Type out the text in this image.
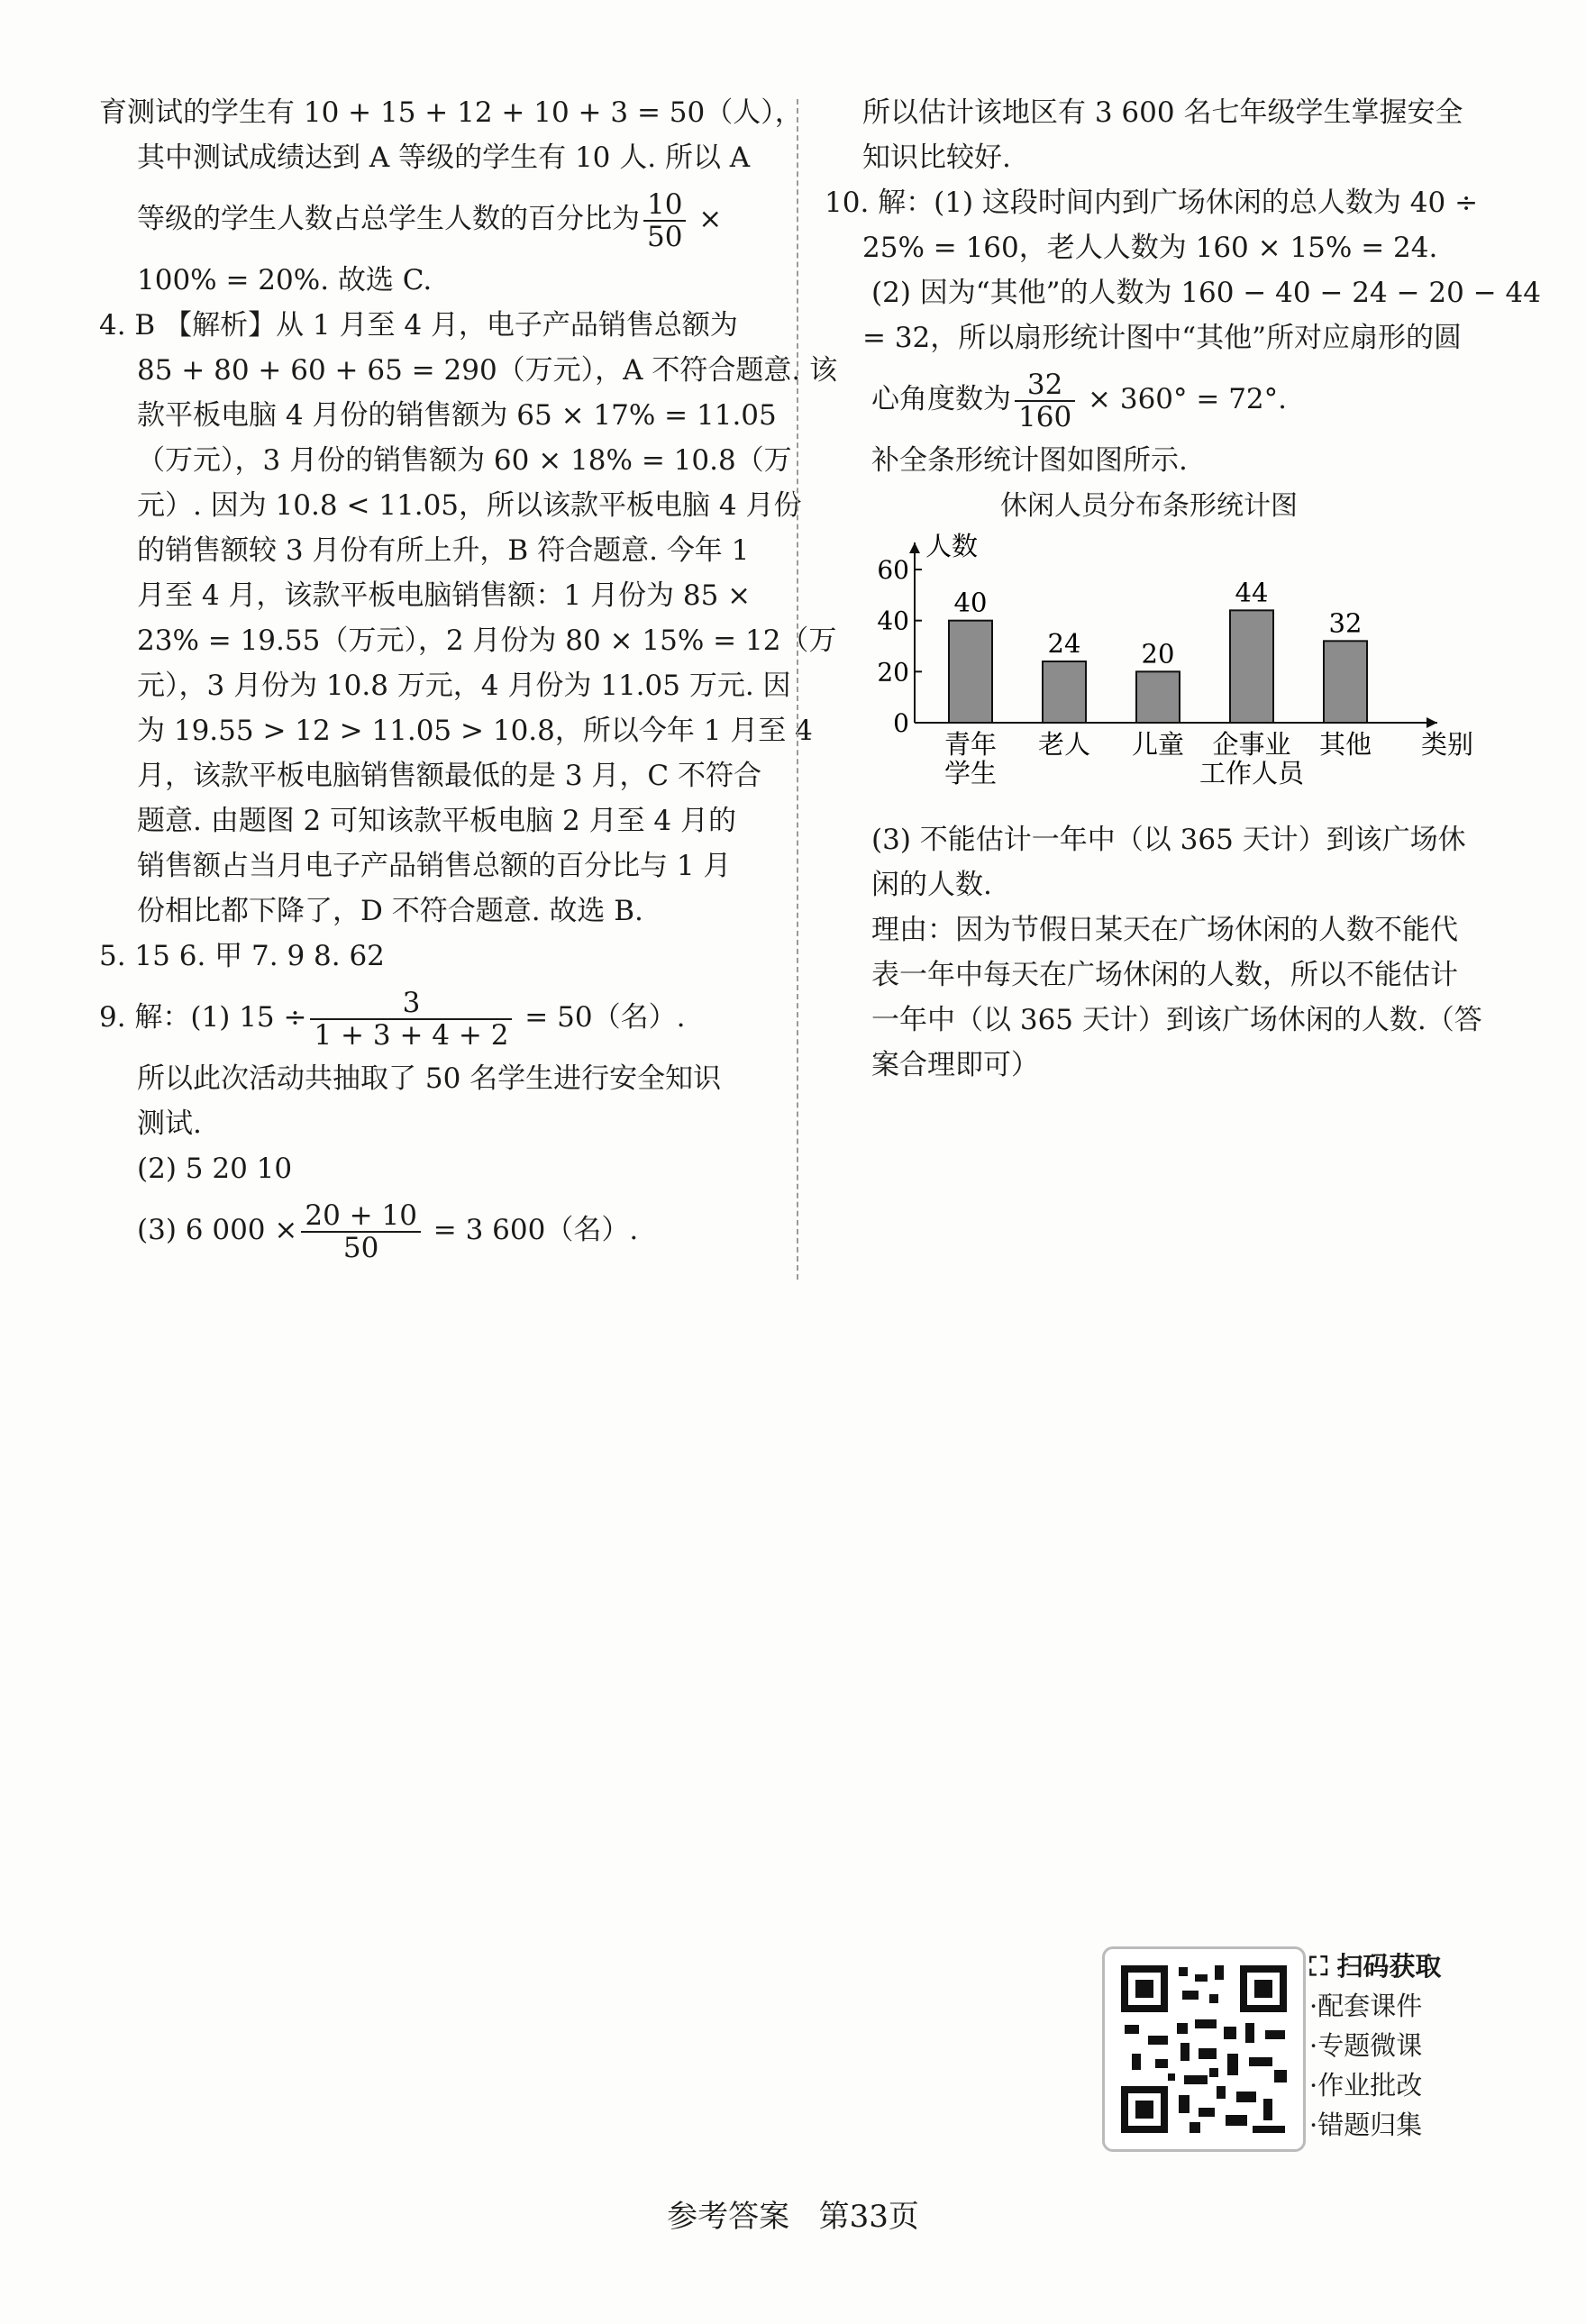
育测试的学生有 10 + 15 + 12 + 10 + 3 = 50（人），

其中测试成绩达到 A 等级的学生有 10 人. 所以 A

等级的学生人数占总学生人数的百分比为 $\frac{10}{50}$ ×

100% = 20%. 故选 C.

4. B 【解析】从 1 月至 4 月，电子产品销售总额为

85 + 80 + 60 + 65 = 290（万元），A 不符合题意. 该

款平板电脑 4 月份的销售额为 65 × 17% = 11.05

（万元），3 月份的销售额为 60 × 18% = 10.8（万

元）. 因为 10.8 < 11.05，所以该款平板电脑 4 月份

的销售额较 3 月份有所上升，B 符合题意. 今年 1

月至 4 月，该款平板电脑销售额：1 月份为 85 ×

23% = 19.55（万元），2 月份为 80 × 15% = 12（万

元），3 月份为 10.8 万元，4 月份为 11.05 万元. 因

为 19.55 > 12 > 11.05 > 10.8，所以今年 1 月至 4

月，该款平板电脑销售额最低的是 3 月，C 不符合

题意. 由题图 2 可知该款平板电脑 2 月至 4 月的

销售额占当月电子产品销售总额的百分比与 1 月

份相比都下降了，D 不符合题意. 故选 B.

5. 15 6. 甲 7. 9 8. 62

9. 解：(1) $15 \div \frac{3}{1 + 3 + 4 + 2} = 50$（名）.

所以此次活动共抽取了 50 名学生进行安全知识

测试.

(2) 5 20 10

(3) 6 $000 \times \frac{20 + 10}{50} = 3$ 600（名）.

所以估计该地区有 3 600 名七年级学生掌握安全

知识比较好.

10. 解：(1) 这段时间内到广场休闲的总人数为 40 ÷

25% = 160，老人人数为 160 × 15% = 24.

(2) 因为“其他”的人数为 160 − 40 − 24 − 20 − 44

= 32，所以扇形统计图中“其他”所对应扇形的圆

心角度数为 $\frac{32}{160} \times 360^\circ = 72^\circ$.

补全条形统计图如图所示.

休闲人员分布条形统计图
人数
0
20
40
60
40
青年
学生
24
老人
20
儿童
44
企事业
工作人员
32
其他 类别

(3) 不能估计一年中（以 365 天计）到该广场休

闲的人数.

理由：因为节假日某天在广场休闲的人数不能代

表一年中每天在广场休闲的人数，所以不能估计

一年中（以 365 天计）到该广场休闲的人数.（答

案合理即可）

⛶ 扫码获取
·配套课件
·专题微课
·作业批改
·错题归集
参考答案 第33页
